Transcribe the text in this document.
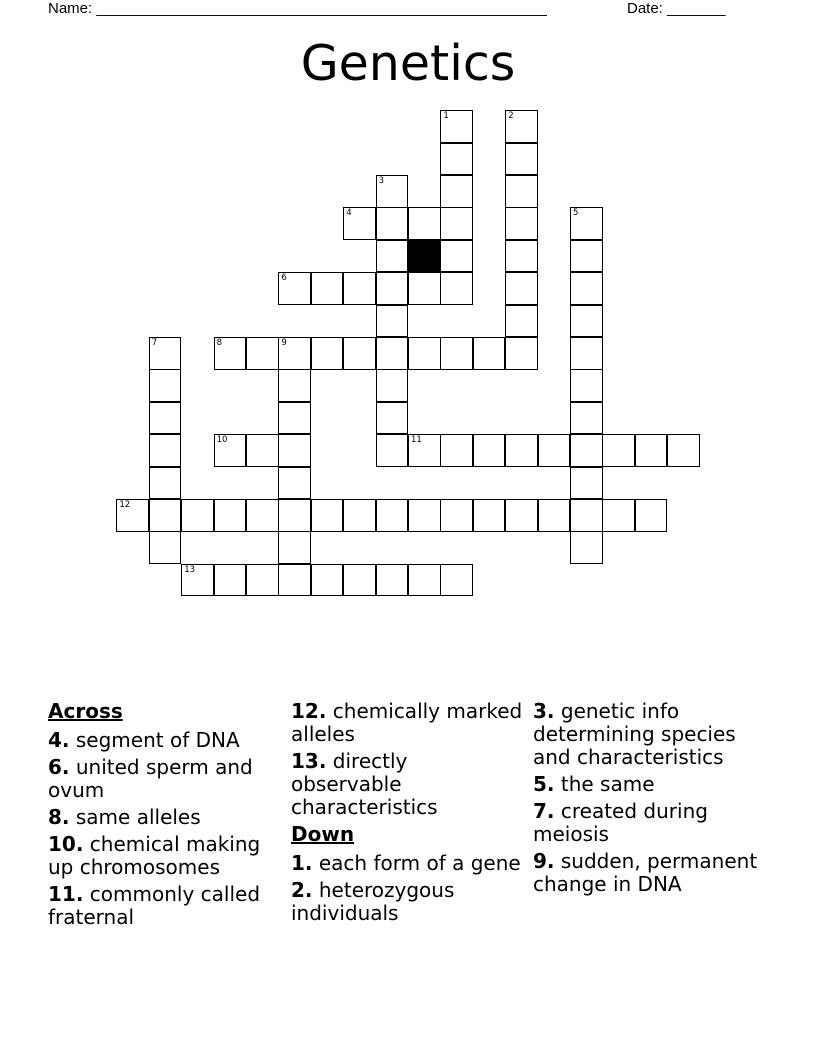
Name: ______________________________________________________	Date: _______
Genetics
1	2
3
4	5
6
7	8	9
10	11
12
13
Across
4. segment of DNA
6. united sperm and ovum
8. same alleles
10. chemical making up chromosomes
11. commonly called fraternal
12. chemically marked alleles
13. directly observable characteristics
Down
1. each form of a gene
2. heterozygous individuals
3. genetic info determining species and characteristics
5. the same
7. created during meiosis
9. sudden, permanent change in DNA
